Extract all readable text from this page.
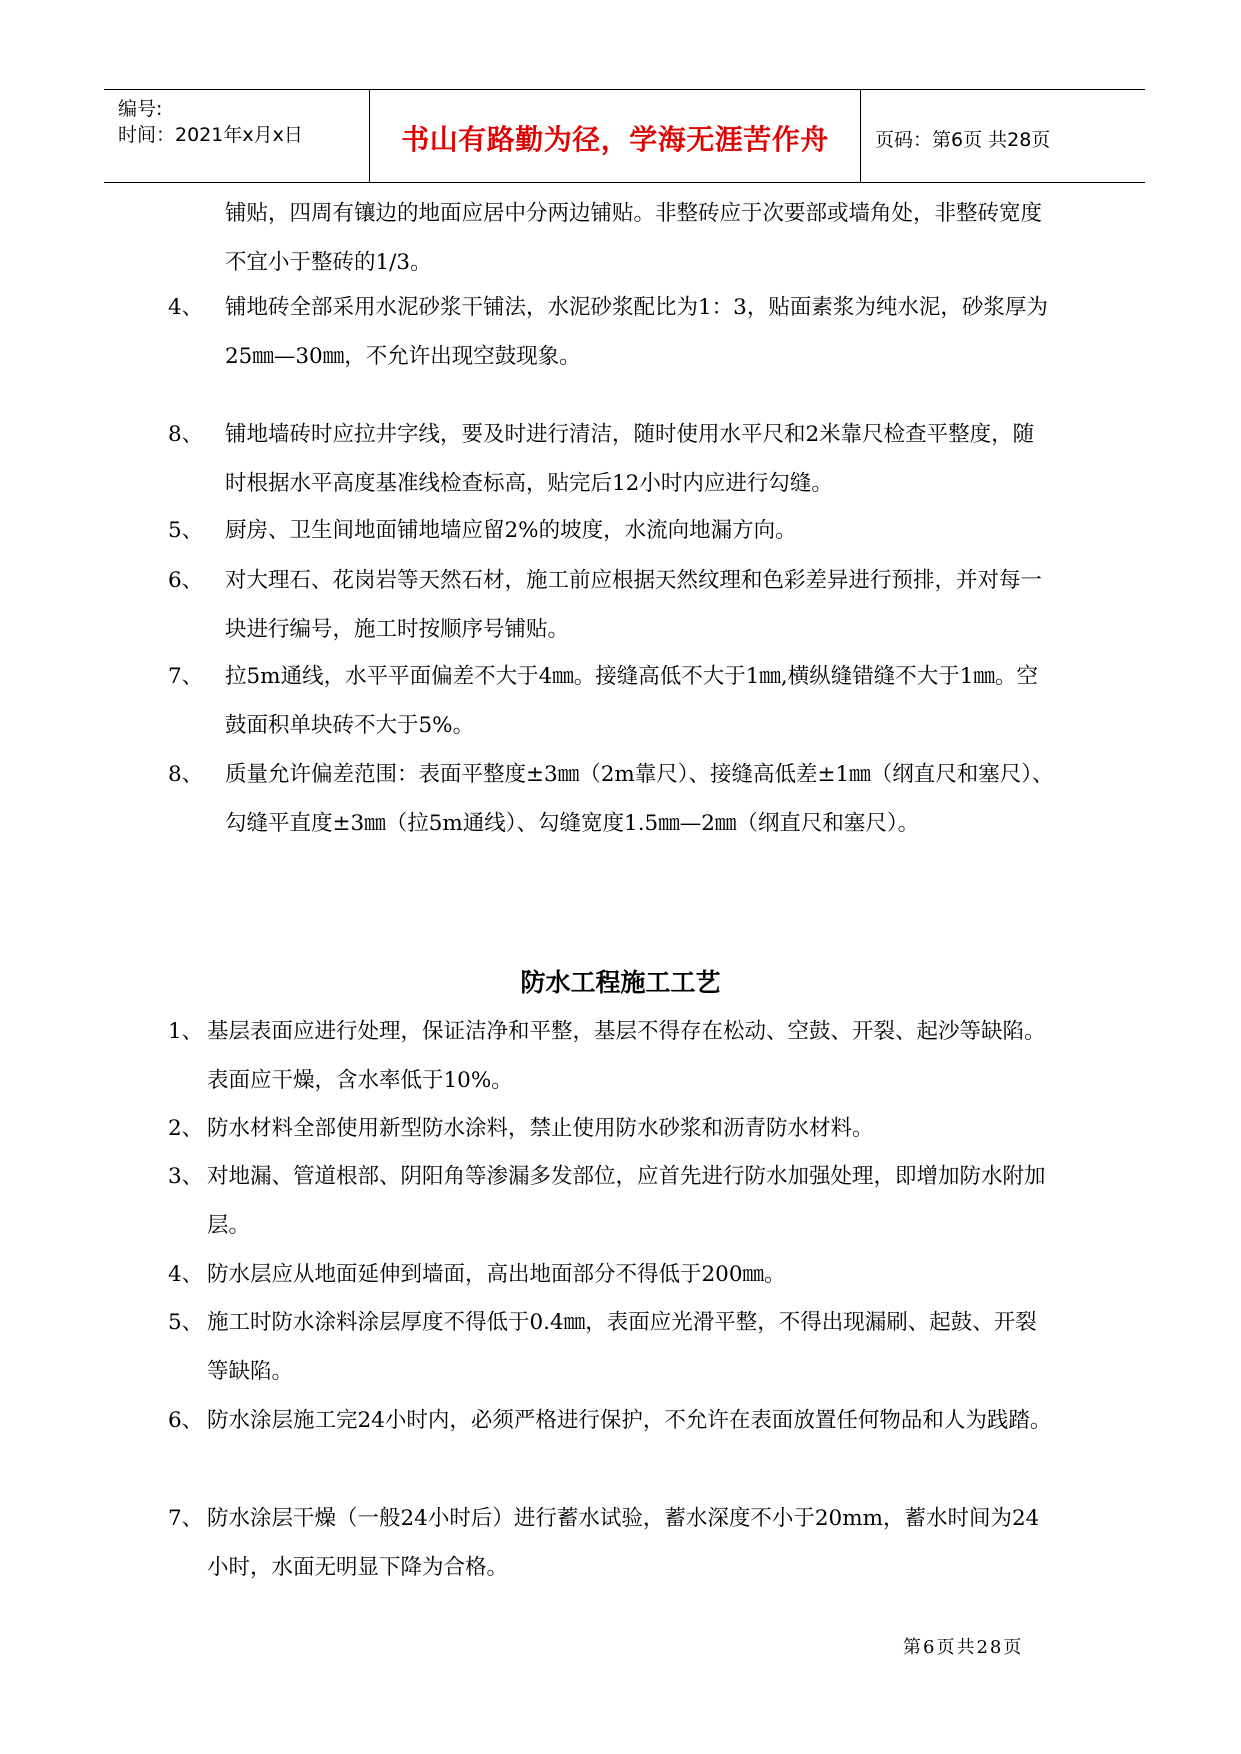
编号:
时间：2021年x月x日	书山有路勤为径，学海无涯苦作舟	页码：第6页 共28页
铺贴，四周有镶边的地面应居中分两边铺贴。非整砖应于次要部或墙角处，非整砖宽度不宜小于整砖的1/3。
4、 铺地砖全部采用水泥砂浆干铺法，水泥砂浆配比为1：3，贴面素浆为纯水泥，砂浆厚为25㎜—30㎜，不允许出现空鼓现象。
8、 铺地墙砖时应拉井字线，要及时进行清洁，随时使用水平尺和2米靠尺检查平整度，随时根据水平高度基准线检查标高，贴完后12小时内应进行勾缝。
5、 厨房、卫生间地面铺地墙应留2%的坡度，水流向地漏方向。
6、 对大理石、花岗岩等天然石材，施工前应根据天然纹理和色彩差异进行预排，并对每一块进行编号，施工时按顺序号铺贴。
7、 拉5m通线，水平平面偏差不大于4㎜。接缝高低不大于1㎜,横纵缝错缝不大于1㎜。空鼓面积单块砖不大于5%。
8、 质量允许偏差范围：表面平整度±3㎜（2m靠尺）、接缝高低差±1㎜（纲直尺和塞尺）、勾缝平直度±3㎜（拉5m通线）、勾缝宽度1.5㎜—2㎜（纲直尺和塞尺）。
防水工程施工工艺
1、 基层表面应进行处理，保证洁净和平整，基层不得存在松动、空鼓、开裂、起沙等缺陷。表面应干燥，含水率低于10%。
2、 防水材料全部使用新型防水涂料，禁止使用防水砂浆和沥青防水材料。
3、 对地漏、管道根部、阴阳角等渗漏多发部位，应首先进行防水加强处理，即增加防水附加层。
4、 防水层应从地面延伸到墙面，高出地面部分不得低于200㎜。
5、 施工时防水涂料涂层厚度不得低于0.4㎜，表面应光滑平整，不得出现漏刷、起鼓、开裂等缺陷。
6、 防水涂层施工完24小时内，必须严格进行保护，不允许在表面放置任何物品和人为践踏。
7、 防水涂层干燥（一般24小时后）进行蓄水试验，蓄水深度不小于20mm，蓄水时间为24小时，水面无明显下降为合格。
第6页共28页
